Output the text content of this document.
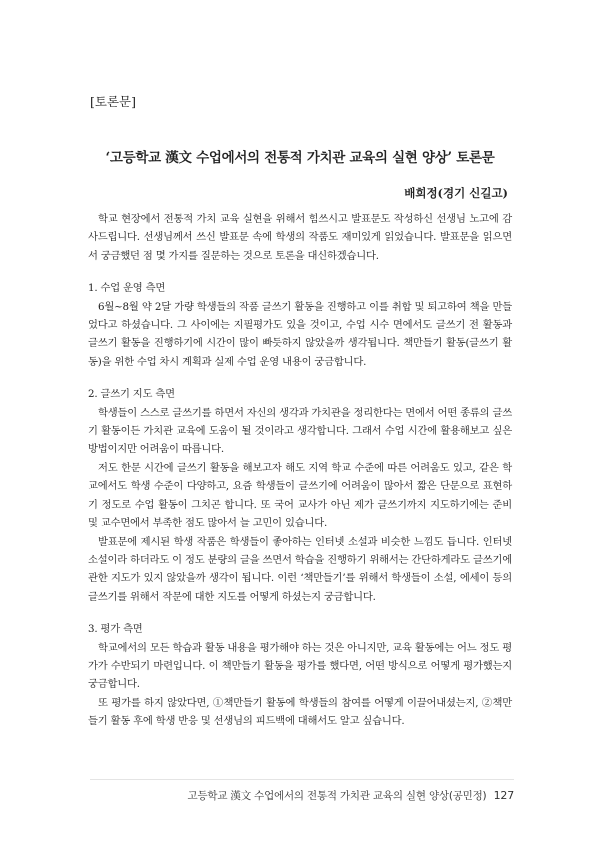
[토론문]
‘고등학교 漢文 수업에서의 전통적 가치관 교육의 실현 양상’ 토론문
배희정(경기 신길고)

학교 현장에서 전통적 가치 교육 실현을 위해서 힘쓰시고 발표문도 작성하신 선생님 노고에 감사드립니다. 선생님께서 쓰신 발표문 속에 학생의 작품도 재미있게 읽었습니다. 발표문을 읽으면서 궁금했던 점 몇 가지를 질문하는 것으로 토론을 대신하겠습니다.

1. 수업 운영 측면

6월~8월 약 2달 가량 학생들의 작품 글쓰기 활동을 진행하고 이를 취합 및 퇴고하여 책을 만들었다고 하셨습니다. 그 사이에는 지필평가도 있을 것이고, 수업 시수 면에서도 글쓰기 전 활동과 글쓰기 활동을 진행하기에 시간이 많이 빠듯하지 않았을까 생각됩니다. 책만들기 활동(글쓰기 활동)을 위한 수업 차시 계획과 실제 수업 운영 내용이 궁금합니다.

2. 글쓰기 지도 측면

학생들이 스스로 글쓰기를 하면서 자신의 생각과 가치관을 정리한다는 면에서 어떤 종류의 글쓰기 활동이든 가치관 교육에 도움이 될 것이라고 생각합니다. 그래서 수업 시간에 활용해보고 싶은 방법이지만 어려움이 따릅니다.

저도 한문 시간에 글쓰기 활동을 해보고자 해도 지역 학교 수준에 따른 어려움도 있고, 같은 학교에서도 학생 수준이 다양하고, 요즘 학생들이 글쓰기에 어려움이 많아서 짧은 단문으로 표현하기 정도로 수업 활동이 그치곤 합니다. 또 국어 교사가 아닌 제가 글쓰기까지 지도하기에는 준비 및 교수면에서 부족한 점도 많아서 늘 고민이 있습니다.

발표문에 제시된 학생 작품은 학생들이 좋아하는 인터넷 소설과 비슷한 느낌도 듭니다. 인터넷 소설이라 하더라도 이 정도 분량의 글을 쓰면서 학습을 진행하기 위해서는 간단하게라도 글쓰기에 관한 지도가 있지 않았을까 생각이 됩니다. 이런 ‘책만들기’를 위해서 학생들이 소설, 에세이 등의 글쓰기를 위해서 작문에 대한 지도를 어떻게 하셨는지 궁금합니다.

3. 평가 측면

학교에서의 모든 학습과 활동 내용을 평가해야 하는 것은 아니지만, 교육 활동에는 어느 정도 평가가 수반되기 마련입니다. 이 책만들기 활동을 평가를 했다면, 어떤 방식으로 어떻게 평가했는지 궁금합니다.

또 평가를 하지 않았다면, ①책만들기 활동에 학생들의 참여를 어떻게 이끌어내셨는지, ②책만들기 활동 후에 학생 반응 및 선생님의 피드백에 대해서도 알고 싶습니다.

고등학교 漢文 수업에서의 전통적 가치관 교육의 실현 양상(공민정) 127
